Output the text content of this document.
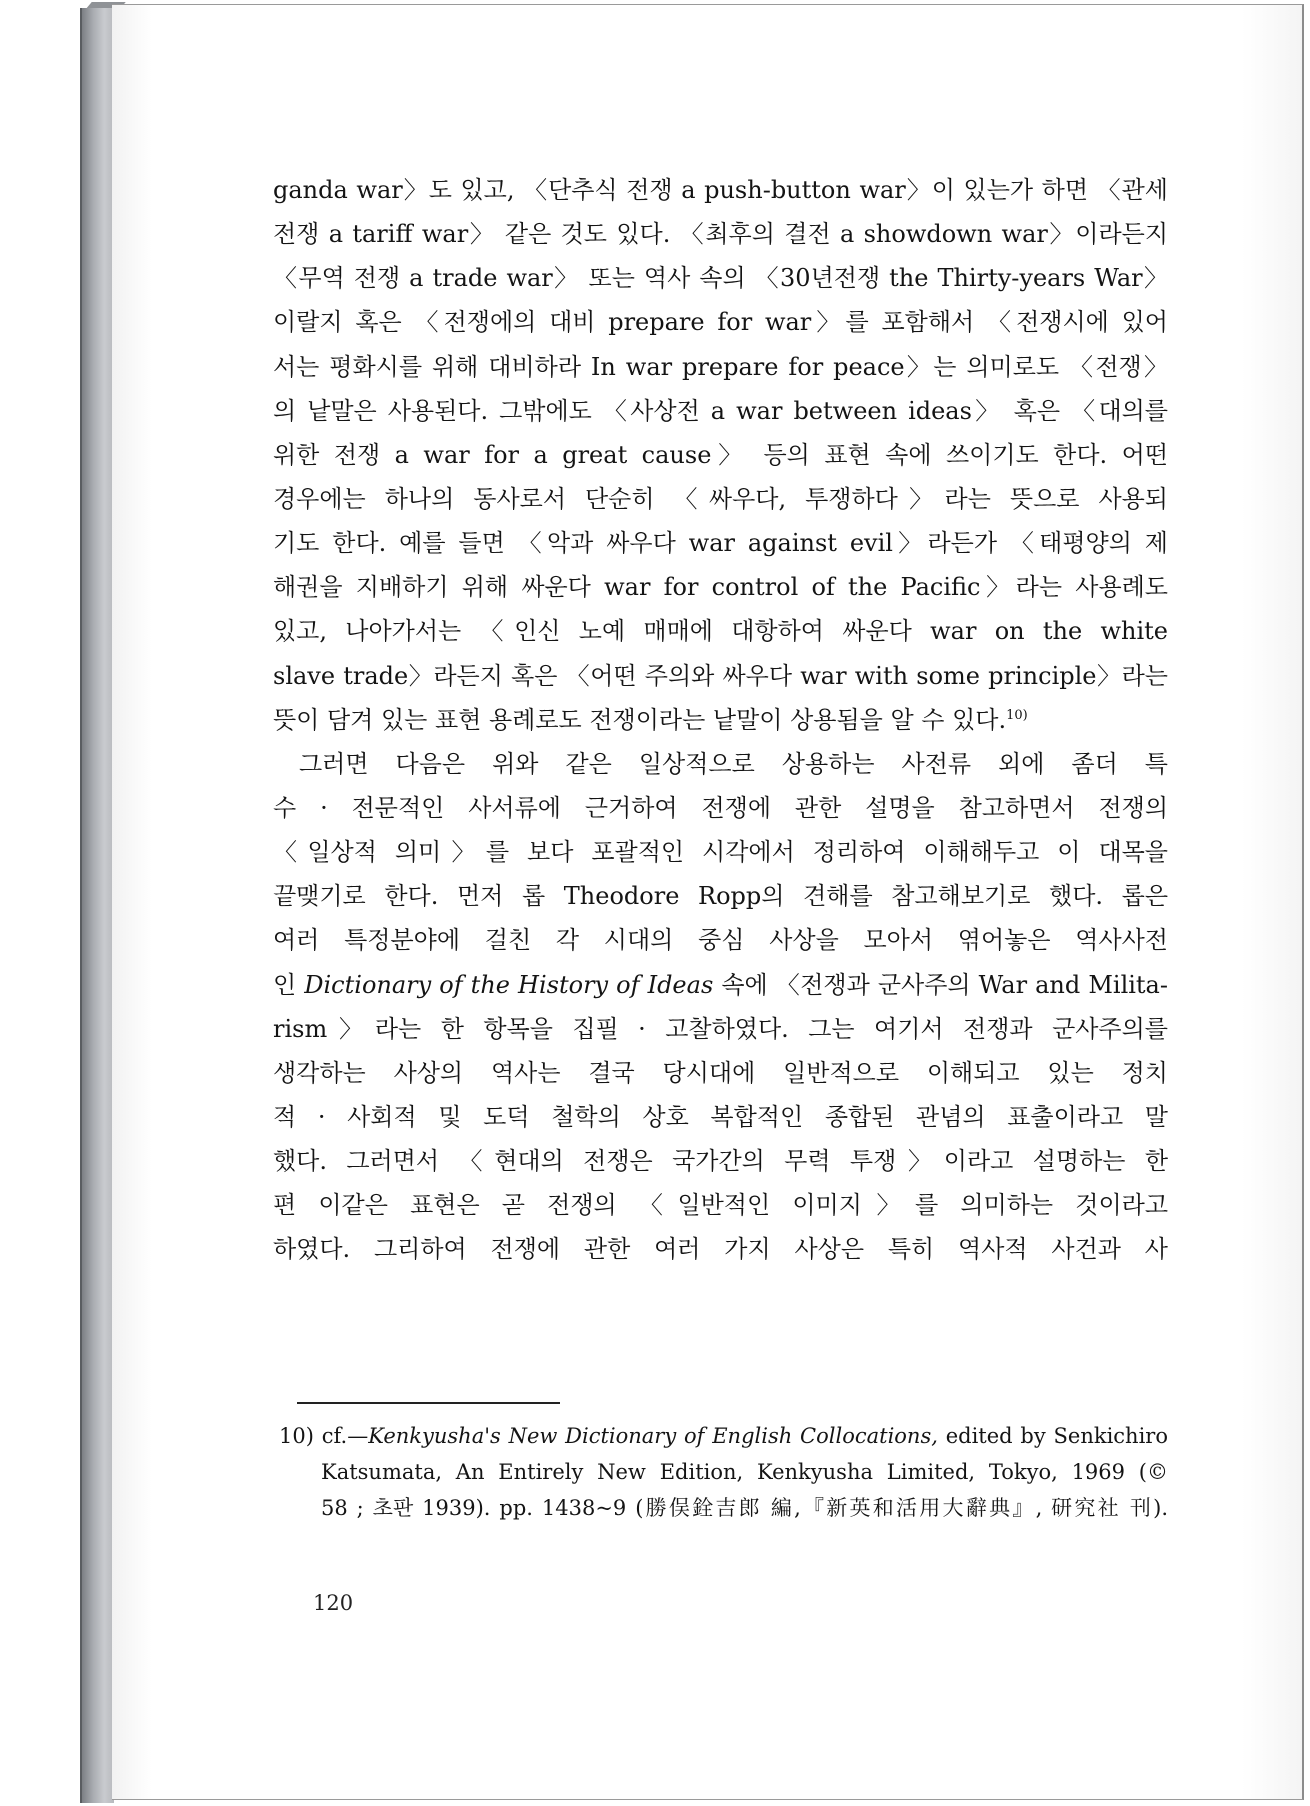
ganda war〉도 있고, 〈단추식 전쟁 a push-button war〉이 있는가 하면 〈관세
전쟁 a tariff war〉 같은 것도 있다. 〈최후의 결전 a showdown war〉이라든지
〈무역 전쟁 a trade war〉 또는 역사 속의 〈30년전쟁 the Thirty-years War〉
이랄지 혹은 〈전쟁에의 대비 prepare for war〉를 포함해서 〈전쟁시에 있어
서는 평화시를 위해 대비하라 In war prepare for peace〉는 의미로도 〈전쟁〉
의 낱말은 사용된다. 그밖에도 〈사상전 a war between ideas〉 혹은 〈대의를
위한 전쟁 a war for a great cause〉 등의 표현 속에 쓰이기도 한다. 어떤
경우에는 하나의 동사로서 단순히 〈싸우다, 투쟁하다〉라는 뜻으로 사용되
기도 한다. 예를 들면 〈악과 싸우다 war against evil〉라든가 〈태평양의 제
해권을 지배하기 위해 싸운다 war for control of the Pacific〉라는 사용례도
있고, 나아가서는 〈인신 노예 매매에 대항하여 싸운다 war on the white
slave trade〉라든지 혹은 〈어떤 주의와 싸우다 war with some principle〉라는
뜻이 담겨 있는 표현 용례로도 전쟁이라는 낱말이 상용됨을 알 수 있다.$^{10)}$
그러면 다음은 위와 같은 일상적으로 상용하는 사전류 외에 좀더 특
수 · 전문적인 사서류에 근거하여 전쟁에 관한 설명을 참고하면서 전쟁의
〈일상적 의미〉를 보다 포괄적인 시각에서 정리하여 이해해두고 이 대목을
끝맺기로 한다. 먼저 롭 Theodore Ropp의 견해를 참고해보기로 했다. 롭은
여러 특정분야에 걸친 각 시대의 중심 사상을 모아서 엮어놓은 역사사전
인 Dictionary of the History of Ideas 속에 〈전쟁과 군사주의 War and Milita-
rism〉라는 한 항목을 집필 · 고찰하였다. 그는 여기서 전쟁과 군사주의를
생각하는 사상의 역사는 결국 당시대에 일반적으로 이해되고 있는 정치
적 · 사회적 및 도덕 철학의 상호 복합적인 종합된 관념의 표출이라고 말
했다. 그러면서 〈현대의 전쟁은 국가간의 무력 투쟁〉이라고 설명하는 한
편 이같은 표현은 곧 전쟁의 〈일반적인 이미지〉를 의미하는 것이라고
하였다. 그리하여 전쟁에 관한 여러 가지 사상은 특히 역사적 사건과 사
10) cf.—Kenkyusha's New Dictionary of English Collocations, edited by Senkichiro
Katsumata, An Entirely New Edition, Kenkyusha Limited, Tokyo, 1969 (©
58 ; 초판 1939). pp. 1438~9 (勝俣銓吉郎 編,『新英和活用大辭典』, 研究社 刊).
120
